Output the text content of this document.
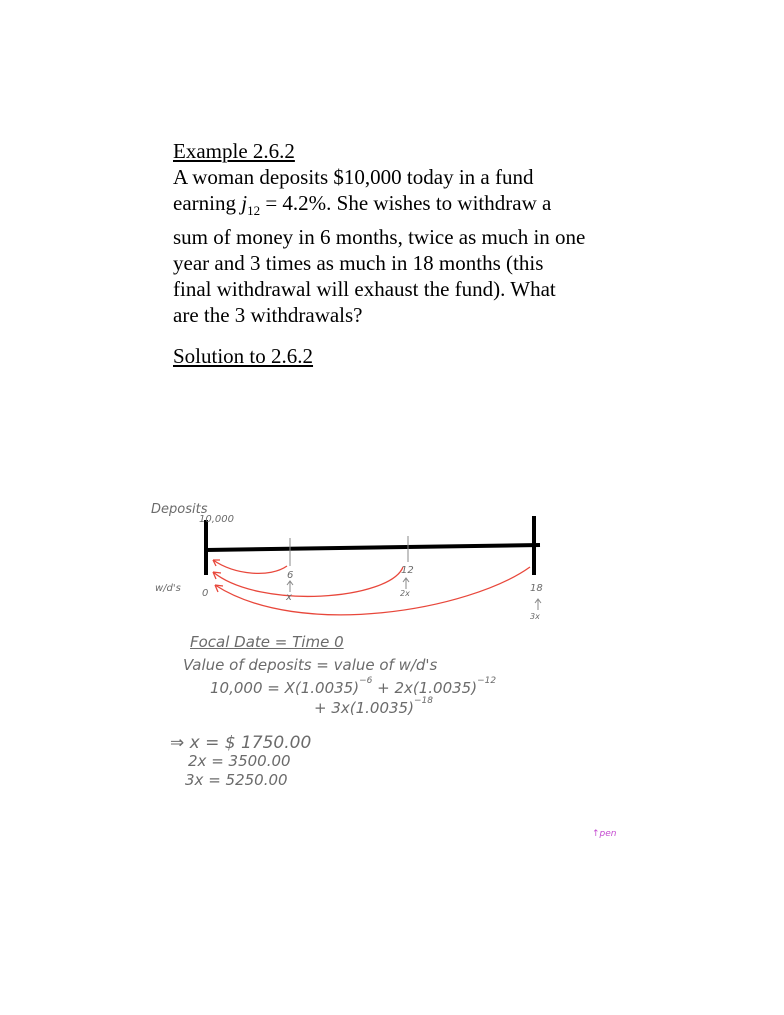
Example 2.6.2
A woman deposits $10,000 today in a fund
earning $j_{12} = 4.2\%$. She wishes to withdraw a
sum of money in 6 months, twice as much in one
year and 3 times as much in 18 months (this
final withdrawal will exhaust the fund). What
are the 3 withdrawals?
Solution to 2.6.2
Deposits
10,000
w/d's 0
6	12
18
x	2x
3x
Focal Date = Time 0
Value of deposits = value of w/d's
$10,000 = X(1.0035)^{-6} + 2x(1.0035)^{-12}$
+ $3x(1.0035)^{-18}$
⇒ x = $ 1750.00
2x = 3500.00
3x = 5250.00
↑pen
